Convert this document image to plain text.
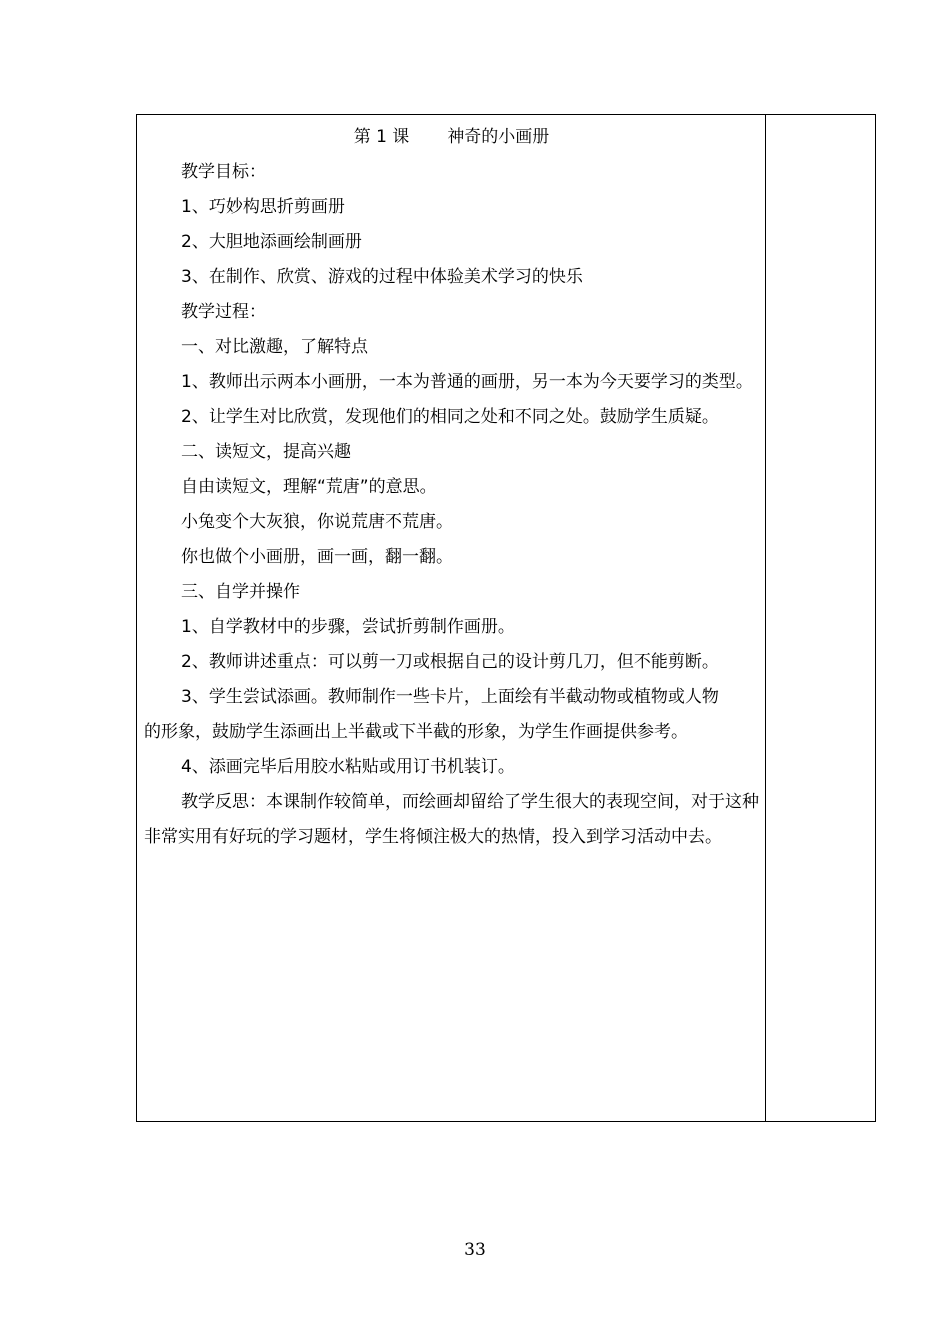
第 1 课 神奇的小画册

教学目标：

1、巧妙构思折剪画册

2、大胆地添画绘制画册

3、在制作、欣赏、游戏的过程中体验美术学习的快乐

教学过程：

一、对比激趣，了解特点

1、教师出示两本小画册，一本为普通的画册，另一本为今天要学习的类型。

2、让学生对比欣赏，发现他们的相同之处和不同之处。鼓励学生质疑。

二、读短文，提高兴趣

自由读短文，理解“荒唐”的意思。

小兔变个大灰狼，你说荒唐不荒唐。

你也做个小画册，画一画，翻一翻。

三、自学并操作

1、自学教材中的步骤，尝试折剪制作画册。

2、教师讲述重点：可以剪一刀或根据自己的设计剪几刀，但不能剪断。

3、学生尝试添画。教师制作一些卡片，上面绘有半截动物或植物或人物

的形象，鼓励学生添画出上半截或下半截的形象，为学生作画提供参考。

4、添画完毕后用胶水粘贴或用订书机装订。

教学反思：本课制作较简单，而绘画却留给了学生很大的表现空间，对于这种非常实用有好玩的学习题材，学生将倾注极大的热情，投入到学习活动中去。

33
